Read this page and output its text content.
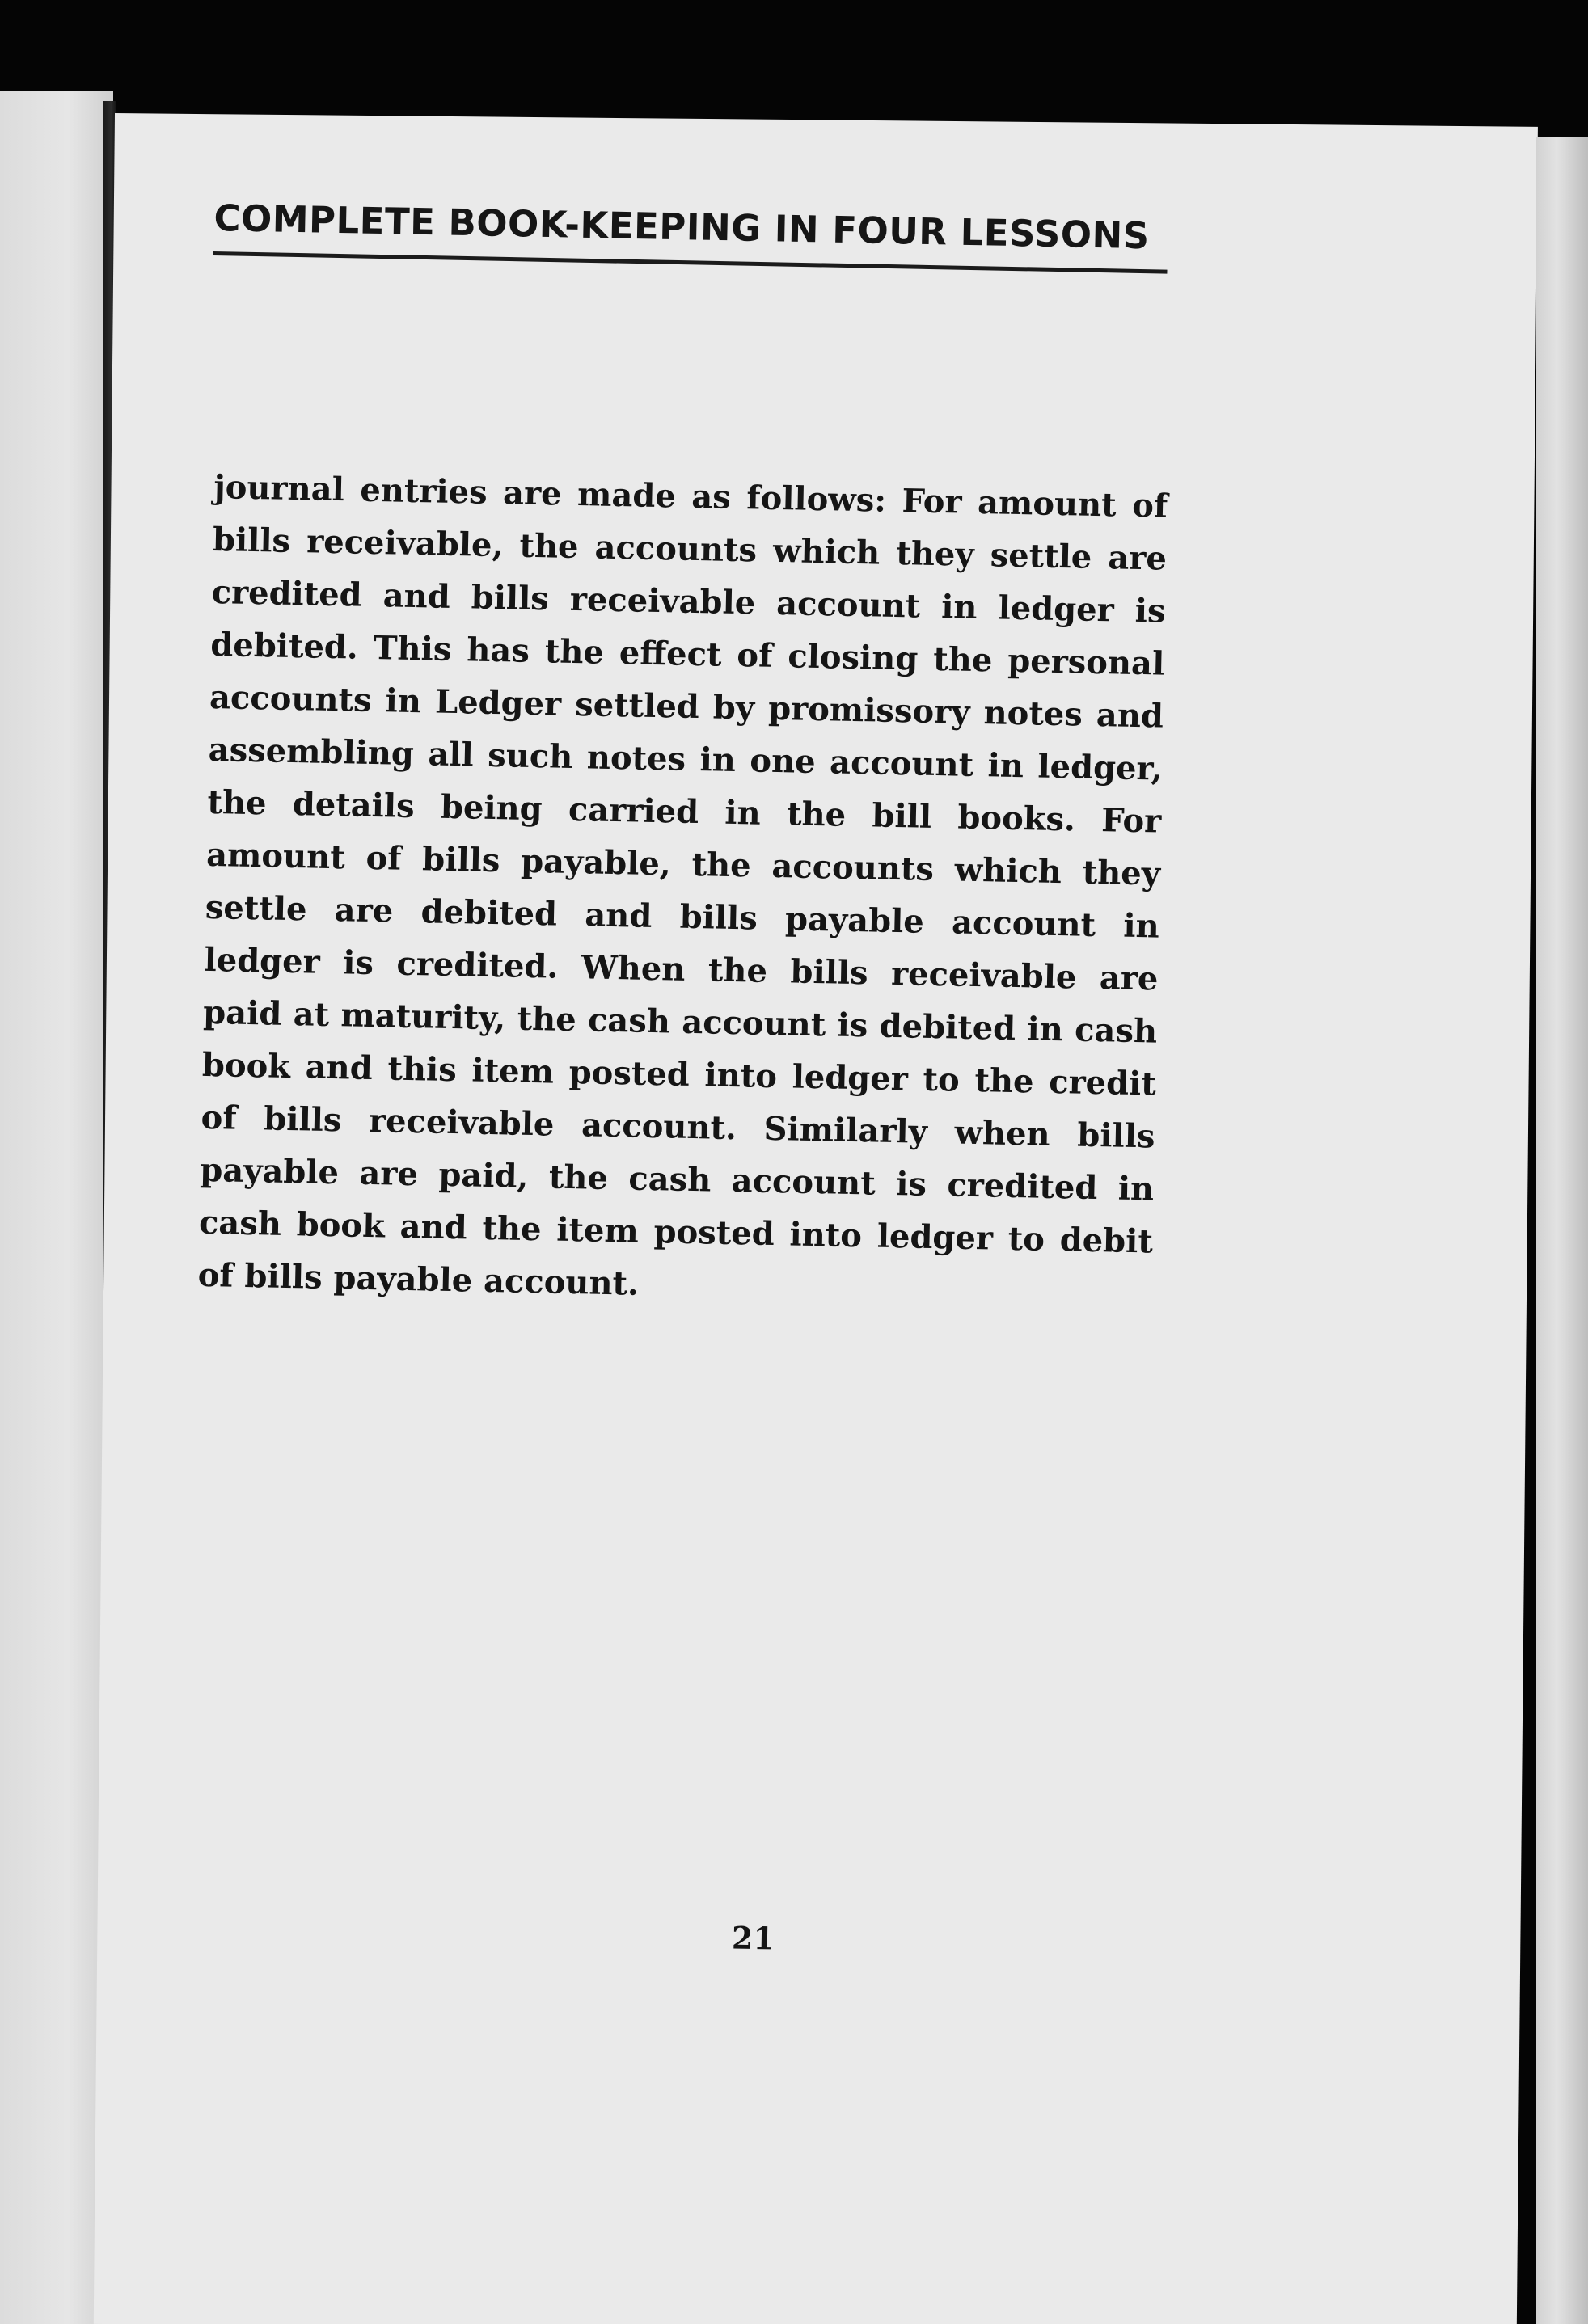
COMPLETE BOOK-KEEPING IN FOUR LESSONS

journal entries are made as follows: For amount of bills receivable, the accounts which they settle are credited and bills receivable account in ledger is debited. This has the effect of closing the personal accounts in Ledger settled by promissory notes and assembling all such notes in one account in ledger, the details being carried in the bill books. For amount of bills payable, the accounts which they settle are debited and bills payable account in ledger is credited. When the bills receivable are paid at maturity, the cash account is debited in cash book and this item posted into ledger to the credit of bills receivable account. Similarly when bills payable are paid, the cash account is credited in cash book and the item posted into ledger to debit of bills payable account.

21
